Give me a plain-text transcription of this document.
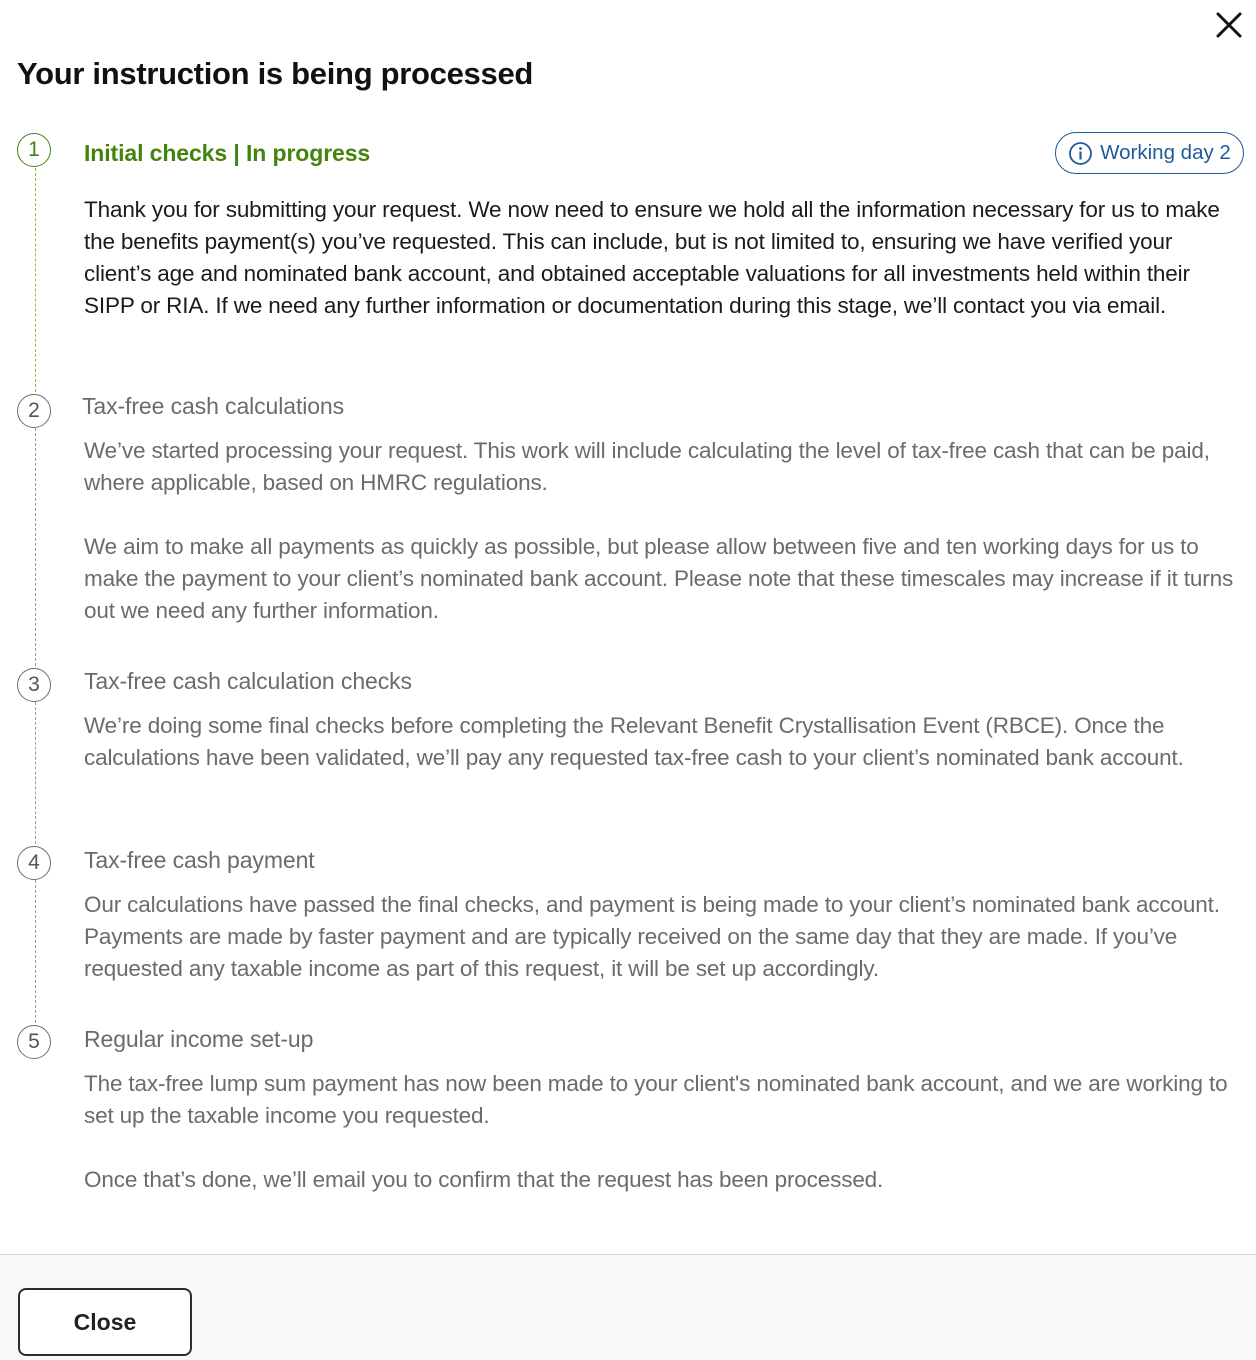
Your instruction is being processed
Working day 2
1	Initial checks | In progress

Thank you for submitting your request. We now need to ensure we hold all the information necessary for us to make the benefits payment(s) you’ve requested. This can include, but is not limited to, ensuring we have verified your client’s age and nominated bank account, and obtained acceptable valuations for all investments held within their SIPP or RIA. If we need any further information or documentation during this stage, we’ll contact you via email.

2	Tax-free cash calculations

We’ve started processing your request. This work will include calculating the level of tax-free cash that can be paid, where applicable, based on HMRC regulations.

We aim to make all payments as quickly as possible, but please allow between five and ten working days for us to make the payment to your client’s nominated bank account. Please note that these timescales may increase if it turns out we need any further information.

3	Tax-free cash calculation checks

We’re doing some final checks before completing the Relevant Benefit Crystallisation Event (RBCE). Once the calculations have been validated, we’ll pay any requested tax-free cash to your client’s nominated bank account.

4	Tax-free cash payment

Our calculations have passed the final checks, and payment is being made to your client’s nominated bank account. Payments are made by faster payment and are typically received on the same day that they are made. If you’ve requested any taxable income as part of this request, it will be set up accordingly.

5	Regular income set-up

The tax-free lump sum payment has now been made to your client's nominated bank account, and we are working to set up the taxable income you requested.

Once that’s done, we’ll email you to confirm that the request has been processed.

Close
